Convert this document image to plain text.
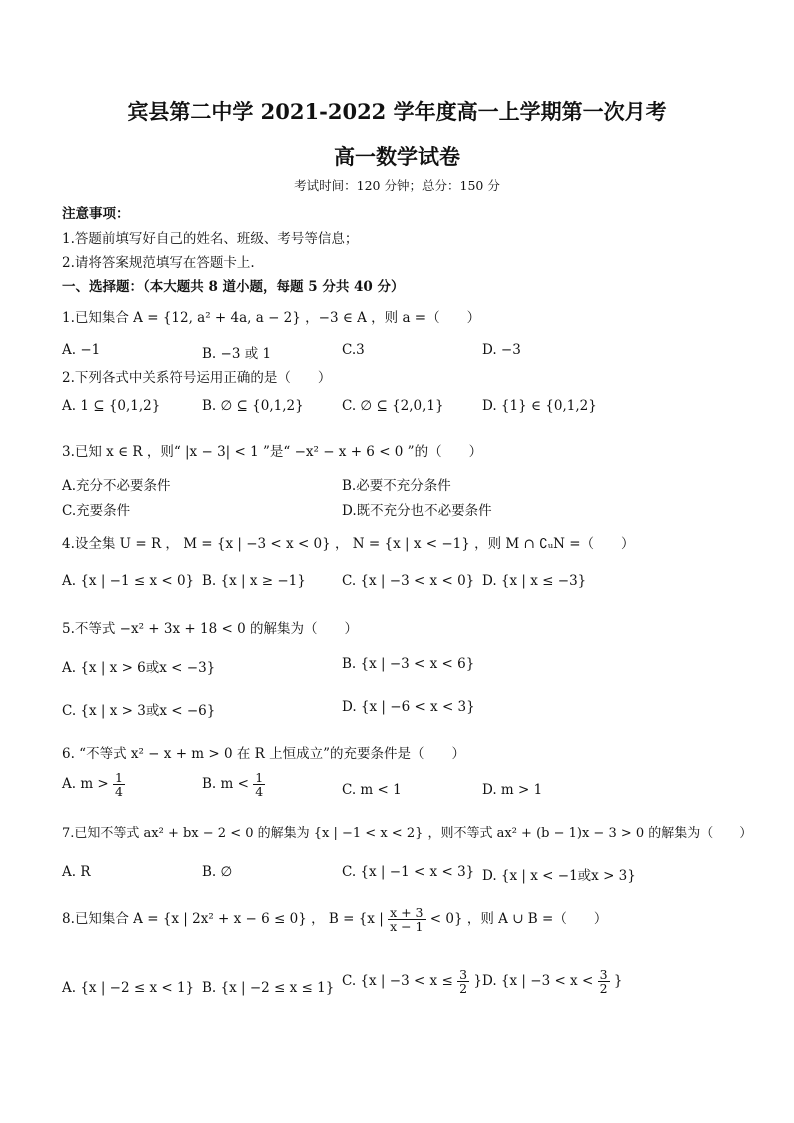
宾县第二中学 2021-2022 学年度高一上学期第一次月考
高一数学试卷
考试时间：120 分钟；总分：150 分
注意事项：
1.答题前填写好自己的姓名、班级、考号等信息；
2.请将答案规范填写在答题卡上.
一、选择题：（本大题共 8 道小题，每题 5 分共 40 分）
1.已知集合 A = {12, a² + 4a, a − 2} ，−3 ∈ A ，则 a =（　　）
A. −1	B. −3 或 1	C.3	D. −3
2.下列各式中关系符号运用正确的是（　　）
A. 1 ⊆ {0,1,2}	B. ∅ ⊆ {0,1,2}	C. ∅ ⊆ {2,0,1}	D. {1} ∈ {0,1,2}
3.已知 x ∈ R ，则“ |x − 3| < 1 ”是“ −x² − x + 6 < 0 ”的（　　）
A.充分不必要条件	B.必要不充分条件
C.充要条件	D.既不充分也不必要条件
4.设全集 U = R ， M = {x | −3 < x < 0} ， N = {x | x < −1} ，则 M ∩ ∁ᵤN =（　　）
A. {x | −1 ≤ x < 0} B. {x | x ≥ −1}	C. {x | −3 < x < 0} D. {x | x ≤ −3}
5.不等式 −x² + 3x + 18 < 0 的解集为（　　）
A. {x | x > 6或x < −3}	B. {x | −3 < x < 6}
C. {x | x > 3或x < −6}	D. {x | −6 < x < 3}
6. “不等式 x² − x + m > 0 在 R 上恒成立”的充要条件是（　　）
A. $m > \frac{1}{4}$	B. $m < \frac{1}{4}$	C. m < 1	D. m > 1
7.已知不等式 ax² + bx − 2 < 0 的解集为 {x | −1 < x < 2} ，则不等式 ax² + (b − 1)x − 3 > 0 的解集为（　　）
A. R	B. ∅	C. {x | −1 < x < 3} D. {x | x < −1或x > 3}
8.已知集合 A = {x | 2x² + x − 6 ≤ 0} ， B = {x | $\frac{x + 3}{x - 1} < 0$} ，则 A ∪ B =（　　）
A. {x | −2 ≤ x < 1} B. {x | −2 ≤ x ≤ 1} C. {x | $-3 < x \le \frac{3}{2}$ } D. {x | $-3 < x < \frac{3}{2}$ }
